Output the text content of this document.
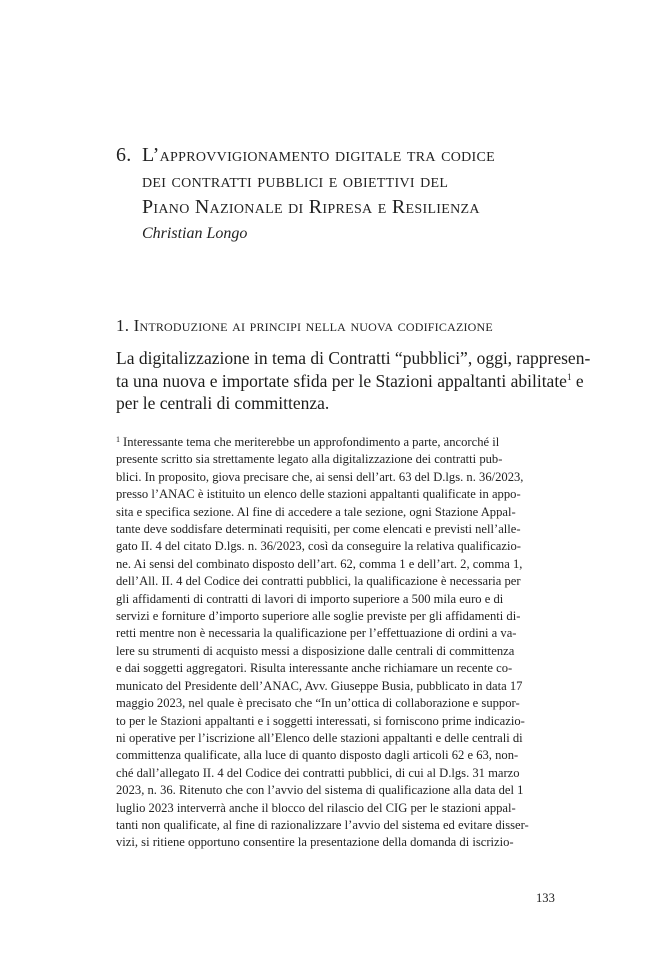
6. L’approvvigionamento digitale tra codice
dei contratti pubblici e obiettivi del
Piano Nazionale di Ripresa e Resilienza
Christian Longo
1. Introduzione ai principi nella nuova codificazione
La digitalizzazione in tema di Contratti “pubblici”, oggi, rappresen-
ta una nuova e importate sfida per le Stazioni appaltanti abilitate$^1$ e
per le centrali di committenza.
$^1$ Interessante tema che meriterebbe un approfondimento a parte, ancorché il
presente scritto sia strettamente legato alla digitalizzazione dei contratti pub-
blici. In proposito, giova precisare che, ai sensi dell’art. 63 del D.lgs. n. 36/2023,
presso l’ANAC è istituito un elenco delle stazioni appaltanti qualificate in appo-
sita e specifica sezione. Al fine di accedere a tale sezione, ogni Stazione Appal-
tante deve soddisfare determinati requisiti, per come elencati e previsti nell’alle-
gato II. 4 del citato D.lgs. n. 36/2023, così da conseguire la relativa qualificazio-
ne. Ai sensi del combinato disposto dell’art. 62, comma 1 e dell’art. 2, comma 1,
dell’All. II. 4 del Codice dei contratti pubblici, la qualificazione è necessaria per
gli affidamenti di contratti di lavori di importo superiore a 500 mila euro e di
servizi e forniture d’importo superiore alle soglie previste per gli affidamenti di-
retti mentre non è necessaria la qualificazione per l’effettuazione di ordini a va-
lere su strumenti di acquisto messi a disposizione dalle centrali di committenza
e dai soggetti aggregatori. Risulta interessante anche richiamare un recente co-
municato del Presidente dell’ANAC, Avv. Giuseppe Busia, pubblicato in data 17
maggio 2023, nel quale è precisato che “In un’ottica di collaborazione e suppor-
to per le Stazioni appaltanti e i soggetti interessati, si forniscono prime indicazio-
ni operative per l’iscrizione all’Elenco delle stazioni appaltanti e delle centrali di
committenza qualificate, alla luce di quanto disposto dagli articoli 62 e 63, non-
ché dall’allegato II. 4 del Codice dei contratti pubblici, di cui al D.lgs. 31 marzo
2023, n. 36. Ritenuto che con l’avvio del sistema di qualificazione alla data del 1
luglio 2023 interverrà anche il blocco del rilascio del CIG per le stazioni appal-
tanti non qualificate, al fine di razionalizzare l’avvio del sistema ed evitare disser-
vizi, si ritiene opportuno consentire la presentazione della domanda di iscrizio-
133
